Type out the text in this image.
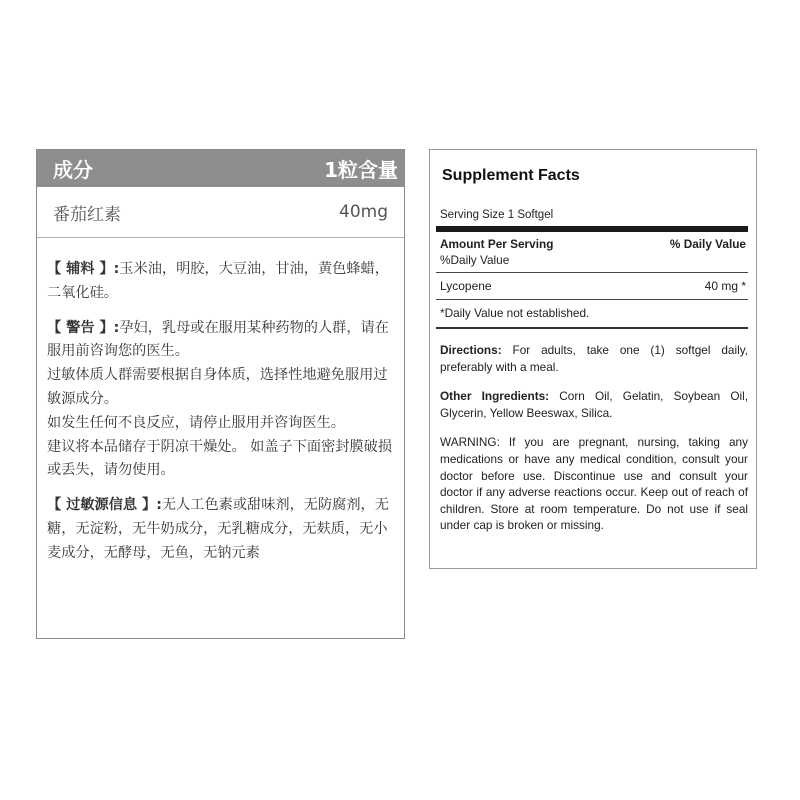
成分	1粒含量
番茄红素	40mg

【 辅料 】:玉米油，明胶，大豆油，甘油，黄色蜂蜡，二氧化硅。

【 警告 】:孕妇，乳母或在服用某种药物的人群，请在服用前咨询您的医生。

过敏体质人群需要根据自身体质，选择性地避免服用过敏源成分。

如发生任何不良反应，请停止服用并咨询医生。

建议将本品储存于阴凉干燥处。 如盖子下面密封膜破损或丢失，请勿使用。

【 过敏源信息 】:无人工色素或甜味剂，无防腐剂，无糖，无淀粉，无牛奶成分，无乳糖成分，无麸质，无小麦成分，无酵母，无鱼，无钠元素

Supplement Facts
Serving Size 1 Softgel
Amount Per Serving	% Daily Value
%Daily Value
Lycopene	40 mg *
*Daily Value not established.

Directions: For adults, take one (1) softgel daily, preferably with a meal.

Other Ingredients: Corn Oil, Gelatin, Soybean Oil, Glycerin, Yellow Beeswax, Silica.

WARNING: If you are pregnant, nursing, taking any medications or have any medical condition, consult your doctor before use. Discontinue use and consult your doctor if any adverse reactions occur. Keep out of reach of children. Store at room temperature. Do not use if seal under cap is broken or missing.
